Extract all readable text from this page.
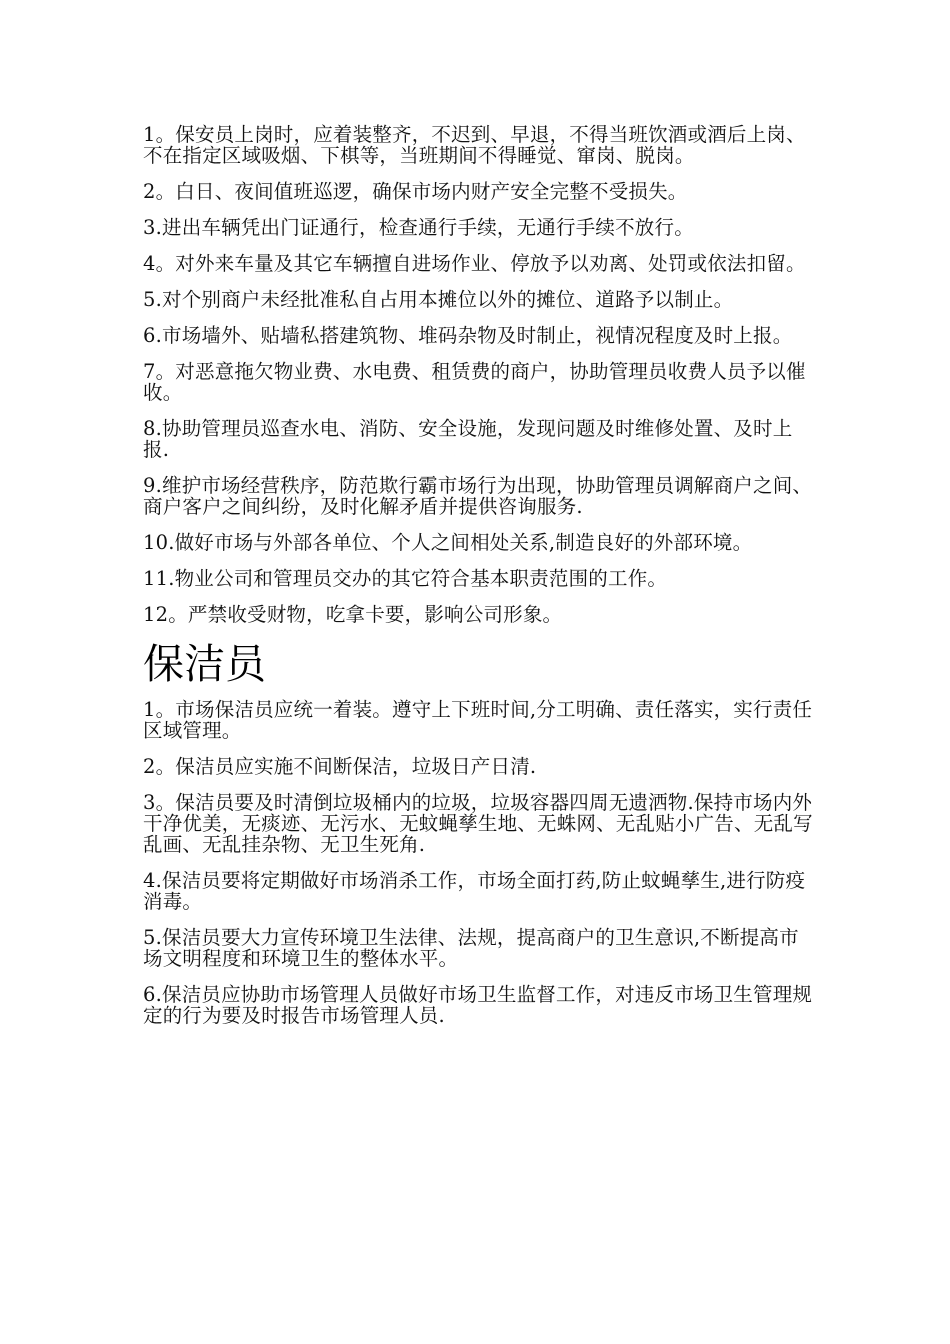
1。保安员上岗时，应着装整齐，不迟到、早退，不得当班饮酒或酒后上岗、不在指定区域吸烟、下棋等，当班期间不得睡觉、窜岗、脱岗。

2。白日、夜间值班巡逻，确保市场内财产安全完整不受损失。

3.进出车辆凭出门证通行，检查通行手续，无通行手续不放行。

4。对外来车量及其它车辆擅自进场作业、停放予以劝离、处罚或依法扣留。

5.对个别商户未经批准私自占用本摊位以外的摊位、道路予以制止。

6.市场墙外、贴墙私搭建筑物、堆码杂物及时制止，视情况程度及时上报。

7。对恶意拖欠物业费、水电费、租赁费的商户，协助管理员收费人员予以催收。

8.协助管理员巡查水电、消防、安全设施，发现问题及时维修处置、及时上报.

9.维护市场经营秩序，防范欺行霸市场行为出现，协助管理员调解商户之间、商户客户之间纠纷，及时化解矛盾并提供咨询服务.

10.做好市场与外部各单位、个人之间相处关系,制造良好的外部环境。

11.物业公司和管理员交办的其它符合基本职责范围的工作。

12。严禁收受财物，吃拿卡要，影响公司形象。

保洁员

1。市场保洁员应统一着装。遵守上下班时间,分工明确、责任落实，实行责任区域管理。

2。保洁员应实施不间断保洁，垃圾日产日清.

3。保洁员要及时清倒垃圾桶内的垃圾，垃圾容器四周无遗洒物.保持市场内外干净优美，无痰迹、无污水、无蚊蝇孳生地、无蛛网、无乱贴小广告、无乱写乱画、无乱挂杂物、无卫生死角.

4.保洁员要将定期做好市场消杀工作，市场全面打药,防止蚊蝇孳生,进行防疫消毒。

5.保洁员要大力宣传环境卫生法律、法规，提高商户的卫生意识,不断提高市场文明程度和环境卫生的整体水平。

6.保洁员应协助市场管理人员做好市场卫生监督工作，对违反市场卫生管理规定的行为要及时报告市场管理人员.
